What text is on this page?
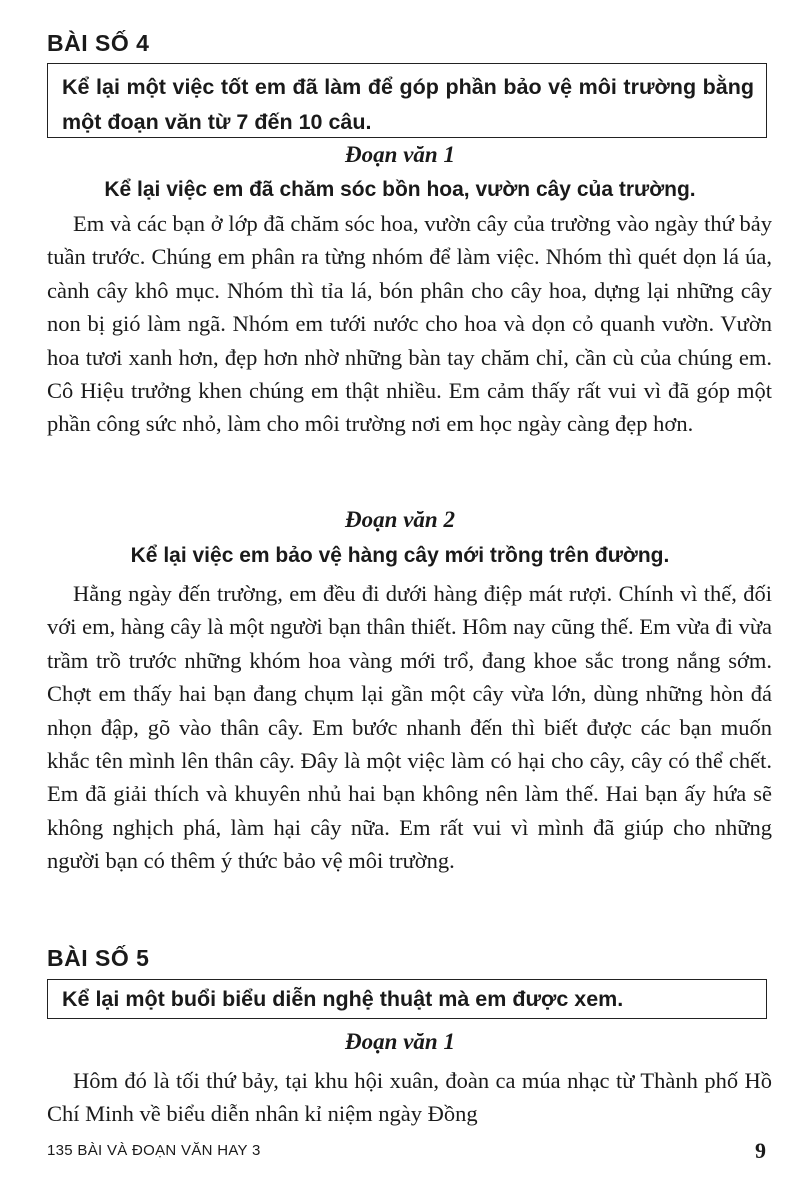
BÀI SỐ 4
Kể lại một việc tốt em đã làm để góp phần bảo vệ môi trường bằng một đoạn văn từ 7 đến 10 câu.
Đoạn văn 1
Kể lại việc em đã chăm sóc bồn hoa, vườn cây của trường.

Em và các bạn ở lớp đã chăm sóc hoa, vườn cây của trường vào ngày thứ bảy tuần trước. Chúng em phân ra từng nhóm để làm việc. Nhóm thì quét dọn lá úa, cành cây khô mục. Nhóm thì tỉa lá, bón phân cho cây hoa, dựng lại những cây non bị gió làm ngã. Nhóm em tưới nước cho hoa và dọn cỏ quanh vườn. Vườn hoa tươi xanh hơn, đẹp hơn nhờ những bàn tay chăm chỉ, cần cù của chúng em. Cô Hiệu trưởng khen chúng em thật nhiều. Em cảm thấy rất vui vì đã góp một phần công sức nhỏ, làm cho môi trường nơi em học ngày càng đẹp hơn.

Đoạn văn 2
Kể lại việc em bảo vệ hàng cây mới trồng trên đường.

Hằng ngày đến trường, em đều đi dưới hàng điệp mát rượi. Chính vì thế, đối với em, hàng cây là một người bạn thân thiết. Hôm nay cũng thế. Em vừa đi vừa trầm trồ trước những khóm hoa vàng mới trổ, đang khoe sắc trong nắng sớm. Chợt em thấy hai bạn đang chụm lại gần một cây vừa lớn, dùng những hòn đá nhọn đập, gõ vào thân cây. Em bước nhanh đến thì biết được các bạn muốn khắc tên mình lên thân cây. Đây là một việc làm có hại cho cây, cây có thể chết. Em đã giải thích và khuyên nhủ hai bạn không nên làm thế. Hai bạn ấy hứa sẽ không nghịch phá, làm hại cây nữa. Em rất vui vì mình đã giúp cho những người bạn có thêm ý thức bảo vệ môi trường.

BÀI SỐ 5
Kể lại một buổi biểu diễn nghệ thuật mà em được xem.
Đoạn văn 1

Hôm đó là tối thứ bảy, tại khu hội xuân, đoàn ca múa nhạc từ Thành phố Hồ Chí Minh về biểu diễn nhân kỉ niệm ngày Đồng

135 BÀI VÀ ĐOẠN VĂN HAY 3	9
